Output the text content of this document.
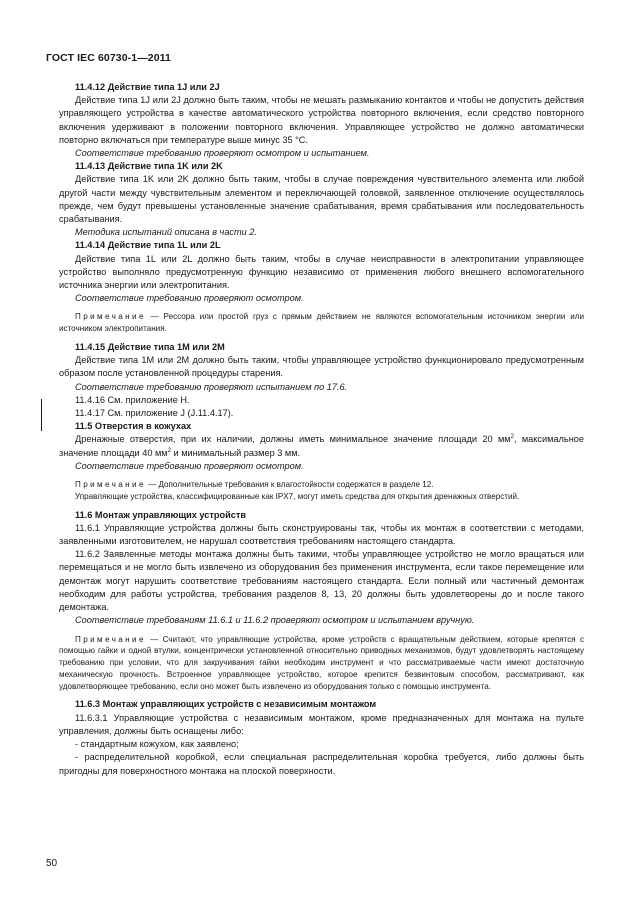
ГОСТ IEC 60730-1—2011

11.4.12 Действие типа 1J или 2J

Действие типа 1J или 2J должно быть таким, чтобы не мешать размыканию контактов и чтобы не допустить действия управляющего устройства в качестве автоматического устройства повторного включения, если средство повторного включения удерживают в положении повторного включения. Управляющее устройство не должно автоматически повторно включаться при температуре выше минус 35 °С.

Соответствие требованию проверяют осмотром и испытанием.

11.4.13 Действие типа 1K или 2K

Действие типа 1K или 2K должно быть таким, чтобы в случае повреждения чувствительного элемента или любой другой части между чувствительным элементом и переключающей головкой, заявленное отключение осуществлялось прежде, чем будут превышены установленные значение срабатывания, время срабатывания или последовательность срабатывания.

Методика испытаний описана в части 2.

11.4.14 Действие типа 1L или 2L

Действие типа 1L или 2L должно быть таким, чтобы в случае неисправности в электропитании управляющее устройство выполняло предусмотренную функцию независимо от применения любого внешнего вспомогательного источника энергии или электропитания.

Соответствие требованию проверяют осмотром.

Примечание — Рессора или простой груз с прямым действием не являются вспомогательным источником энергии или источником электропитания.

11.4.15 Действие типа 1M или 2M

Действие типа 1M или 2M должно быть таким, чтобы управляющее устройство функционировало предусмотренным образом после установленной процедуры старения.

Соответствие требованию проверяют испытанием по 17.6.

11.4.16 См. приложение H.

11.4.17 См. приложение J (J.11.4.17).

11.5 Отверстия в кожухах

Дренажные отверстия, при их наличии, должны иметь минимальное значение площади 20 $мм^2$, максимальное значение площади 40 $мм^2$ и минимальный размер 3 мм.

Соответствие требованию проверяют осмотром.

Примечание — Дополнительные требования к влагостойкости содержатся в разделе 12.

Управляющие устройства, классифицированные как IPX7, могут иметь средства для открытия дренажных отверстий.

11.6 Монтаж управляющих устройств

11.6.1 Управляющие устройства должны быть сконструированы так, чтобы их монтаж в соответствии с методами, заявленными изготовителем, не нарушал соответствия требованиям настоящего стандарта.

11.6.2 Заявленные методы монтажа должны быть такими, чтобы управляющее устройство не могло вращаться или перемещаться и не могло быть извлечено из оборудования без применения инструмента, если такое перемещение или демонтаж могут нарушить соответствие требованиям настоящего стандарта. Если полный или частичный демонтаж необходим для работы устройства, требования разделов 8, 13, 20 должны быть удовлетворены до и после такого демонтажа.

Соответствие требованиям 11.6.1 и 11.6.2 проверяют осмотром и испытанием вручную.

Примечание — Считают, что управляющие устройства, кроме устройств с вращательным действием, которые крепятся с помощью гайки и одной втулки, концентрически установленной относительно приводных механизмов, будут удовлетворять настоящему требованию при условии, что для закручивания гайки необходим инструмент и что рассматриваемые части имеют достаточную механическую прочность. Встроенное управляющее устройство, которое крепится безвинтовым способом, рассматривают, как удовлетворяющее требованию, если оно может быть извлечено из оборудования только с помощью инструмента.

11.6.3 Монтаж управляющих устройств с независимым монтажом

11.6.3.1 Управляющие устройства с независимым монтажом, кроме предназначенных для монтажа на пульте управления, должны быть оснащены либо:

- стандартным кожухом, как заявлено;

- распределительной коробкой, если специальная распределительная коробка требуется, либо должны быть пригодны для поверхностного монтажа на плоской поверхности.

50
